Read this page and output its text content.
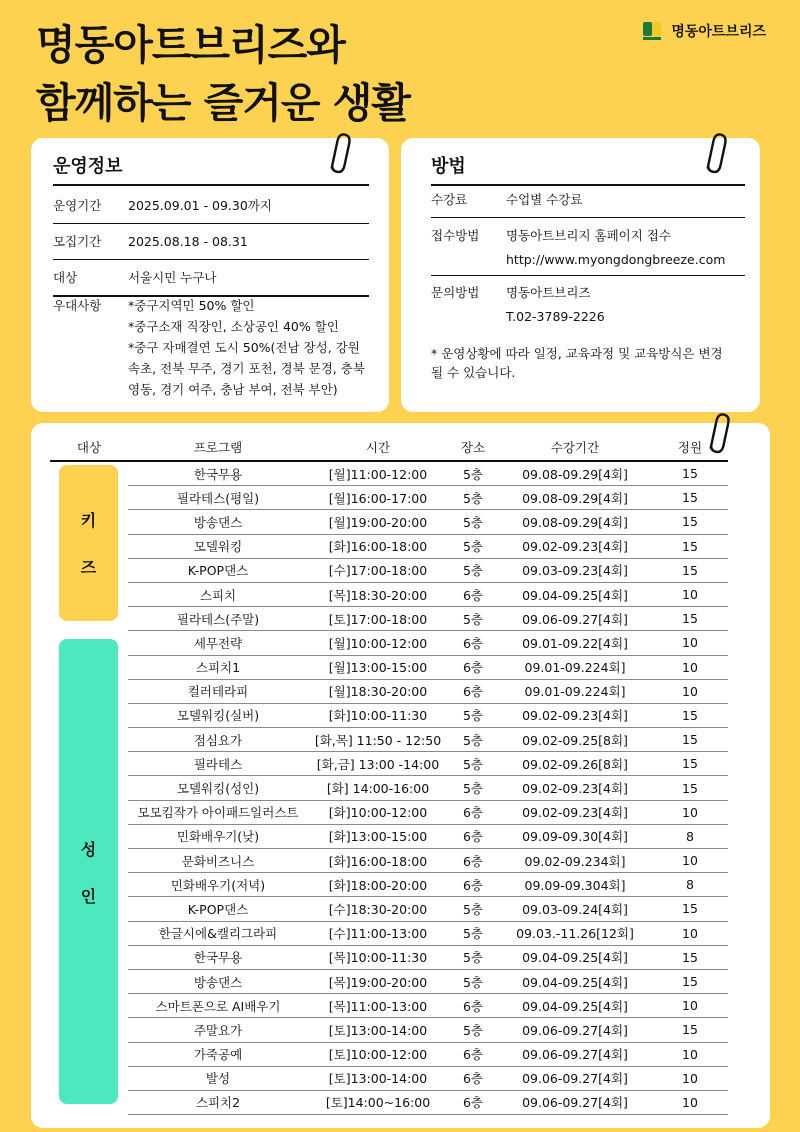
명동아트브리즈와
함께하는 즐거운 생활
명동아트브리즈
운영정보
운영기간	2025.09.01 - 09.30까지
모집기간	2025.08.18 - 08.31
대상	서울시민 누구나
우대사항	*중구지역민 50% 할인
*중구소재 직장인, 소상공인 40% 할인
*중구 자매결연 도시 50%(전남 장성, 강원 속초, 전북 무주, 경기 포천, 경북 문경, 충북 영동, 경기 여주, 충남 부여, 전북 부안)
방법
수강료	수업별 수강료
접수방법	명동아트브리지 홈페이지 접수
http://www.myongdongbreeze.com
문의방법	명동아트브리즈
T.02-3789-2226
* 운영상황에 따라 일정, 교육과정 및 교육방식은 변경될 수 있습니다.
키
즈
성
인
대상	프로그램	시간	장소	수강기간	정원
	한국무용	[월]11:00-12:00	5층	09.08-09.29[4회]	15
	필라테스(평일)	[월]16:00-17:00	5층	09.08-09.29[4회]	15
	방송댄스	[월]19:00-20:00	5층	09.08-09.29[4회]	15
	모델워킹	[화]16:00-18:00	5층	09.02-09.23[4회]	15
	K-POP댄스	[수]17:00-18:00	5층	09.03-09.23[4회]	15
	스피치	[목]18:30-20:00	6층	09.04-09.25[4회]	10
	필라테스(주말)	[토]17:00-18:00	5층	09.06-09.27[4회]	15
	세무전략	[월]10:00-12:00	6층	09.01-09.22[4회]	10
	스피치1	[월]13:00-15:00	6층	09.01-09.224회]	10
	컬러테라피	[월]18:30-20:00	6층	09.01-09.224회]	10
	모델워킹(실버)	[화]10:00-11:30	5층	09.02-09.23[4회]	15
	점심요가	[화,목] 11:50 - 12:50	5층	09.02-09.25[8회]	15
	필라테스	[화,금] 13:00 -14:00	5층	09.02-09.26[8회]	15
	모델워킹(성인)	[화] 14:00-16:00	5층	09.02-09.23[4회]	15
	모모킴작가 아이패드일러스트	[화]10:00-12:00	6층	09.02-09.23[4회]	10
	민화배우기(낮)	[화]13:00-15:00	6층	09.09-09.30[4회]	8
	문화비즈니스	[화]16:00-18:00	6층	09.02-09.234회]	10
	민화배우기(저녁)	[화]18:00-20:00	6층	09.09-09.304회]	8
	K-POP댄스	[수]18:30-20:00	5층	09.03-09.24[4회]	15
	한글시에&캘리그라피	[수]11:00-13:00	5층	09.03.-11.26[12회]	10
	한국무용	[목]10:00-11:30	5층	09.04-09.25[4회]	15
	방송댄스	[목]19:00-20:00	5층	09.04-09.25[4회]	15
	스마트폰으로 AI배우기	[목]11:00-13:00	6층	09.04-09.25[4회]	10
	주말요가	[토]13:00-14:00	5층	09.06-09.27[4회]	15
	가죽공예	[토]10:00-12:00	6층	09.06-09.27[4회]	10
	발성	[토]13:00-14:00	6층	09.06-09.27[4회]	10
	스피치2	[토]14:00~16:00	6층	09.06-09.27[4회]	10
